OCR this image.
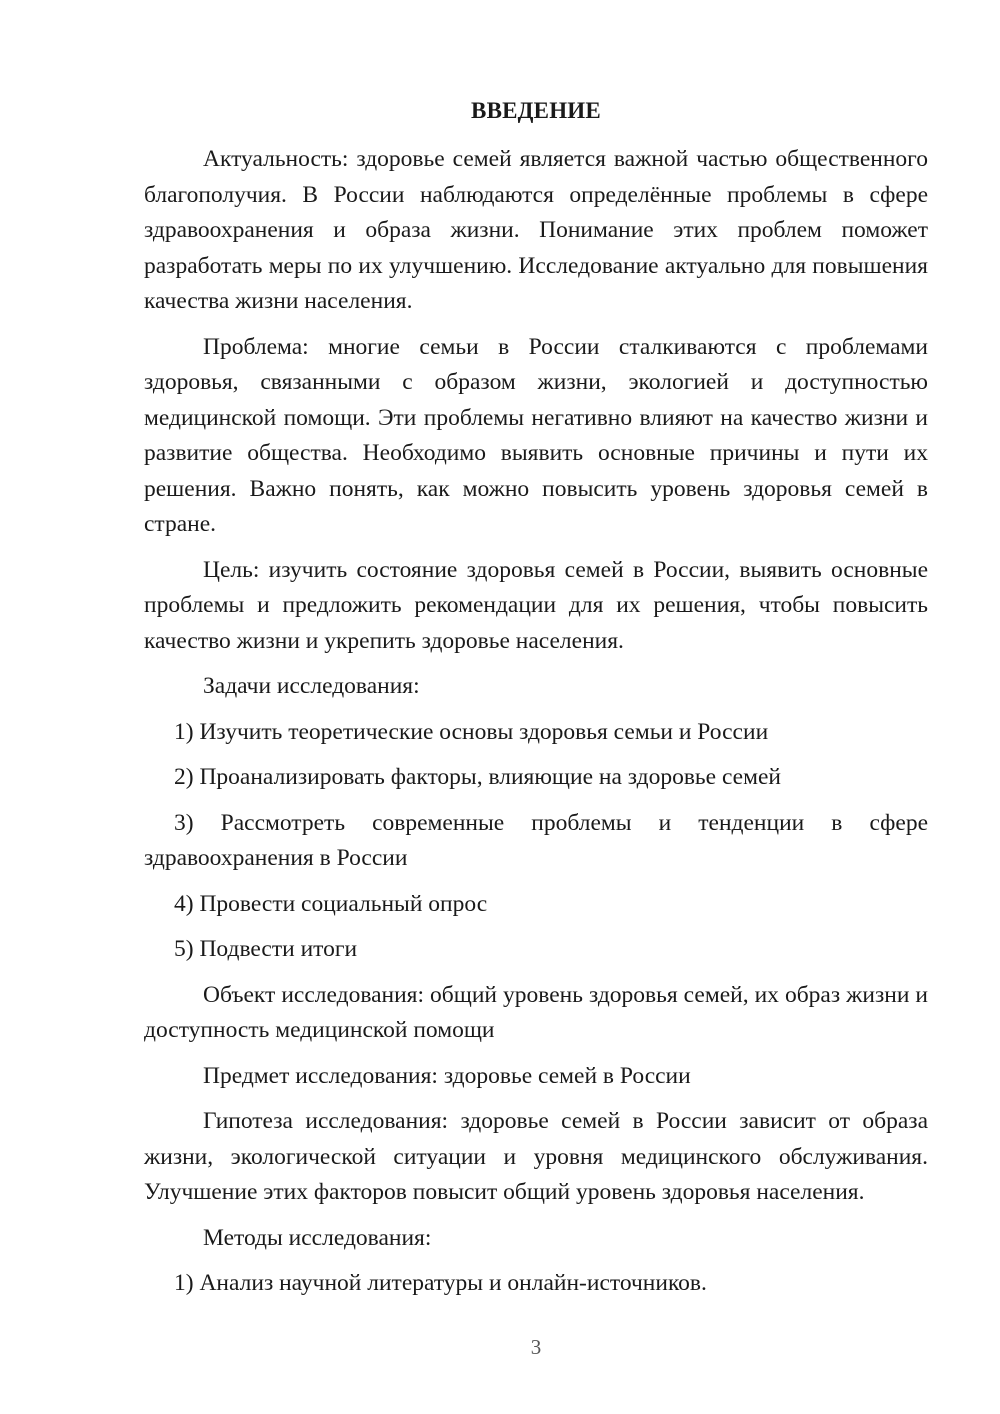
ВВЕДЕНИЕ

Актуальность: здоровье семей является важной частью общественного благополучия. В России наблюдаются определённые проблемы в сфере здравоохранения и образа жизни. Понимание этих проблем поможет разработать меры по их улучшению. Исследование актуально для повышения качества жизни населения.

Проблема: многие семьи в России сталкиваются с проблемами здоровья, связанными с образом жизни, экологией и доступностью медицинской помощи. Эти проблемы негативно влияют на качество жизни и развитие общества. Необходимо выявить основные причины и пути их решения. Важно понять, как можно повысить уровень здоровья семей в стране.

Цель: изучить состояние здоровья семей в России, выявить основные проблемы и предложить рекомендации для их решения, чтобы повысить качество жизни и укрепить здоровье населения.

Задачи исследования:

1) Изучить теоретические основы здоровья семьи и России

2) Проанализировать факторы, влияющие на здоровье семей

3) Рассмотреть современные проблемы и тенденции в сфере здравоохранения в России

4) Провести социальный опрос

5) Подвести итоги

Объект исследования: общий уровень здоровья семей, их образ жизни и доступность медицинской помощи

Предмет исследования: здоровье семей в России

Гипотеза исследования: здоровье семей в России зависит от образа жизни, экологической ситуации и уровня медицинского обслуживания. Улучшение этих факторов повысит общий уровень здоровья населения.

Методы исследования:

1) Анализ научной литературы и онлайн-источников.

3
